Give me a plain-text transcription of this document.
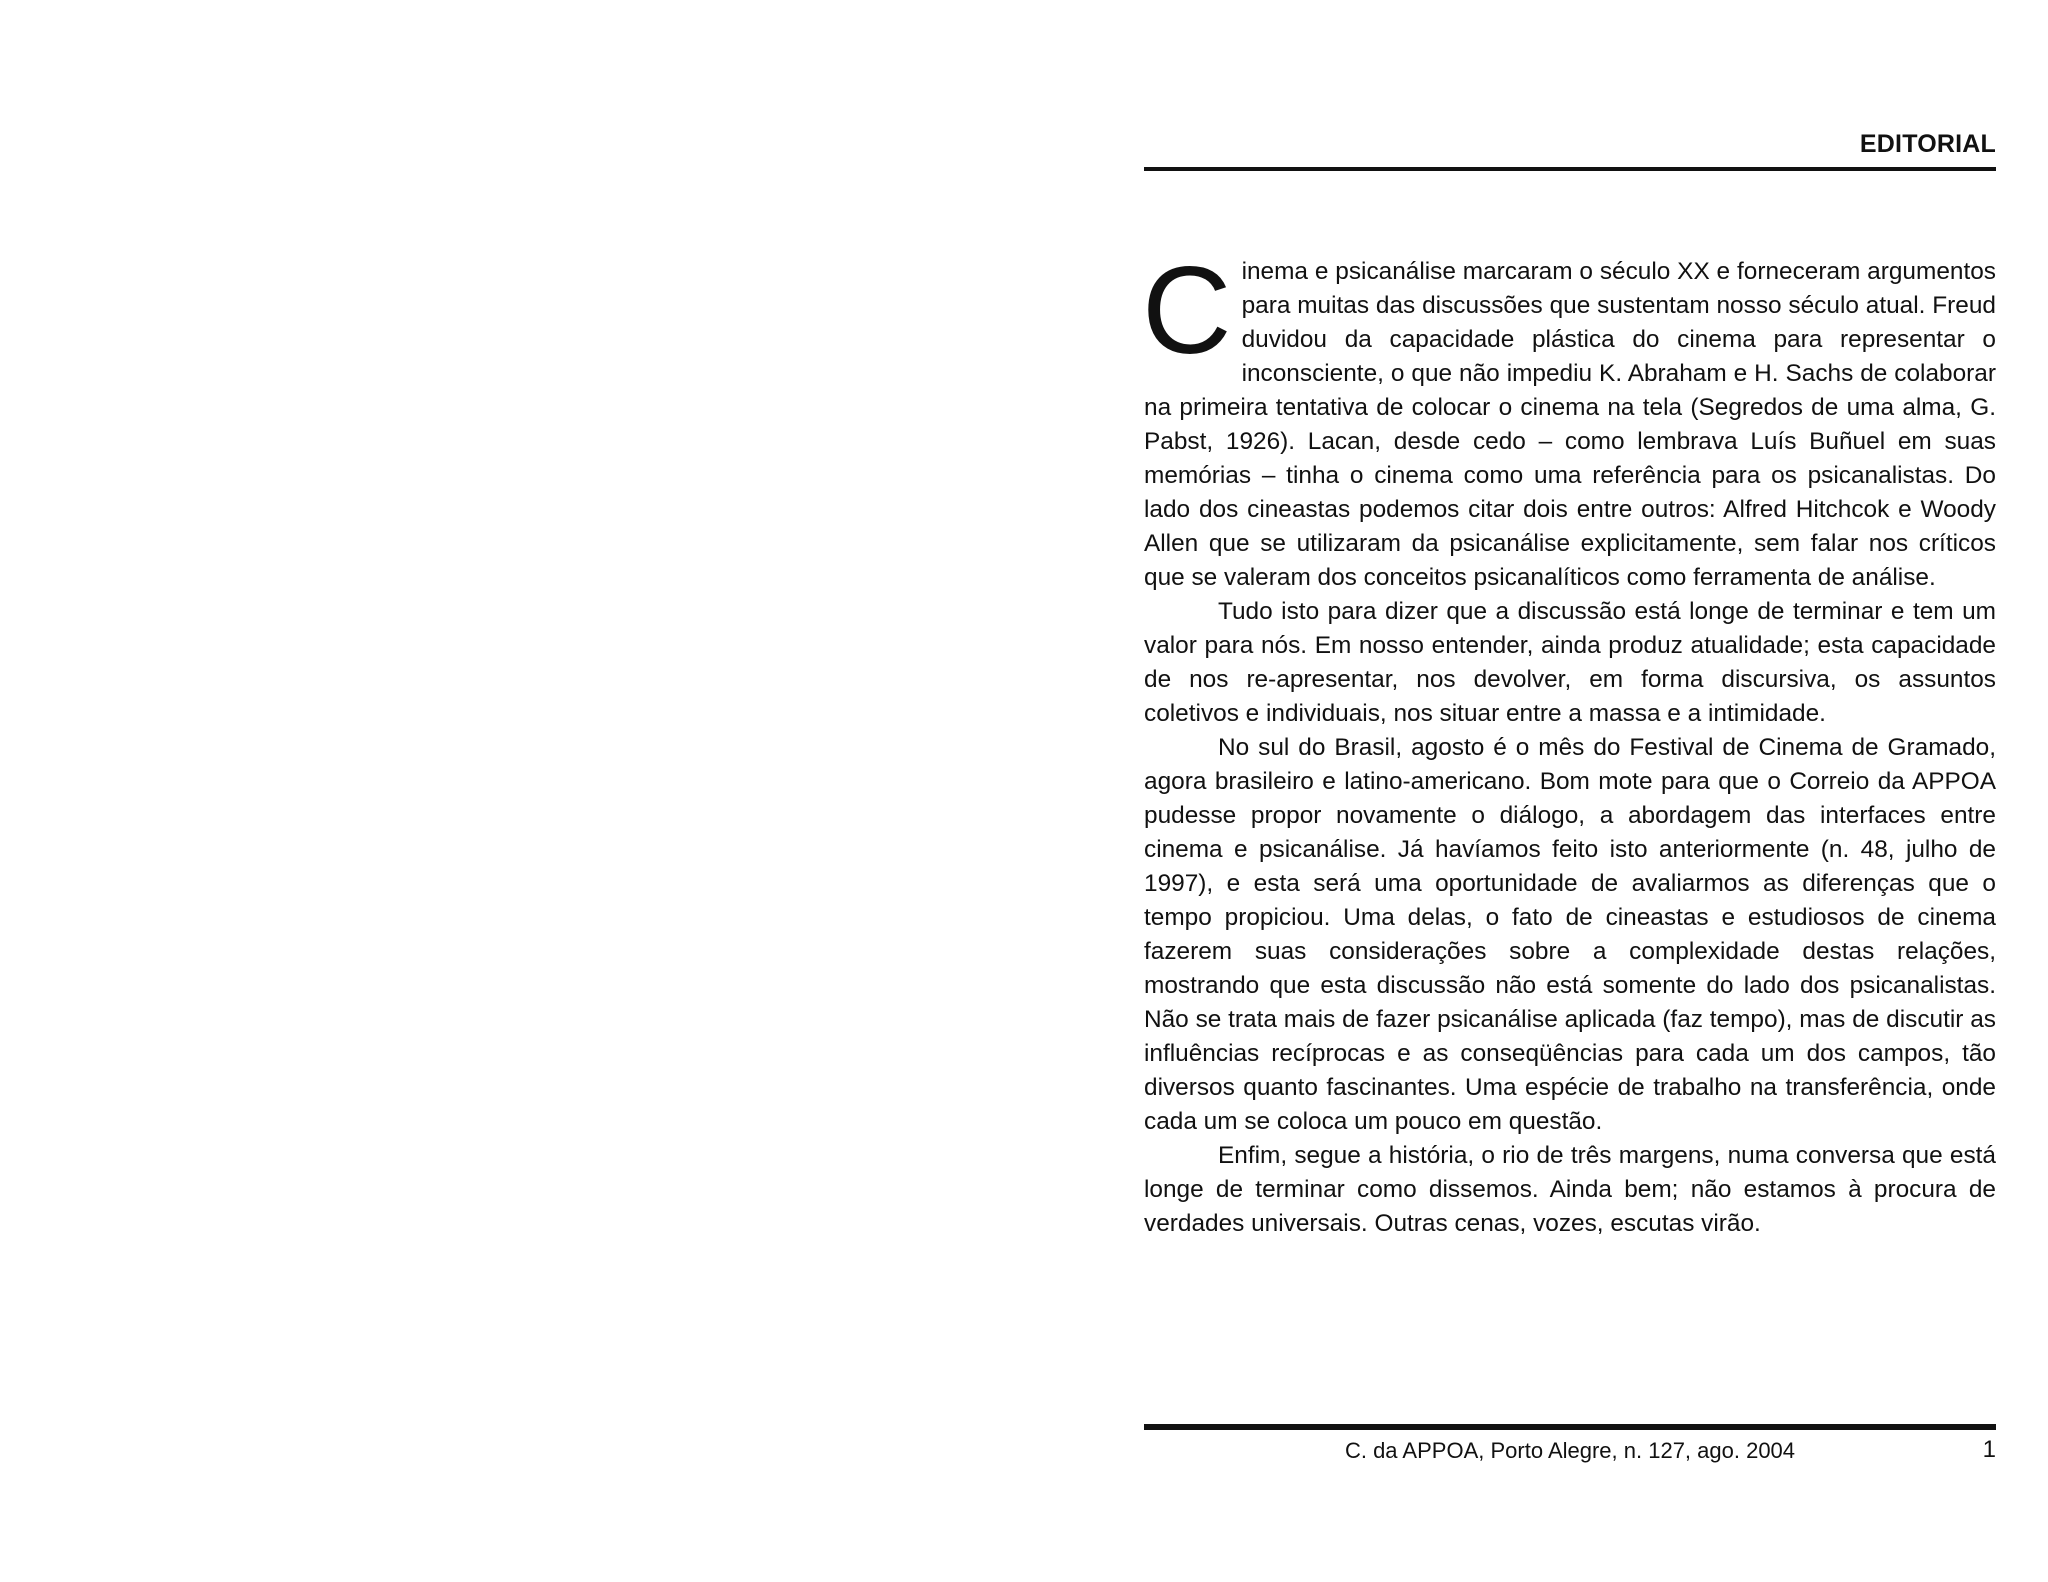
EDITORIAL

Cinema e psicanálise marcaram o século XX e forneceram argumentos para muitas das discussões que sustentam nosso século atual. Freud duvidou da capacidade plástica do cinema para representar o inconsciente, o que não impediu K. Abraham e H. Sachs de colaborar na primeira tentativa de colocar o cinema na tela (Segredos de uma alma, G. Pabst, 1926). Lacan, desde cedo – como lembrava Luís Buñuel em suas memórias – tinha o cinema como uma referência para os psicanalistas. Do lado dos cineastas podemos citar dois entre outros: Alfred Hitchcok e Woody Allen que se utilizaram da psicanálise explicitamente, sem falar nos críticos que se valeram dos conceitos psicanalíticos como ferramenta de análise.

Tudo isto para dizer que a discussão está longe de terminar e tem um valor para nós. Em nosso entender, ainda produz atualidade; esta capacidade de nos re-apresentar, nos devolver, em forma discursiva, os assuntos coletivos e individuais, nos situar entre a massa e a intimidade.

No sul do Brasil, agosto é o mês do Festival de Cinema de Gramado, agora brasileiro e latino-americano. Bom mote para que o Correio da APPOA pudesse propor novamente o diálogo, a abordagem das interfaces entre cinema e psicanálise. Já havíamos feito isto anteriormente (n. 48, julho de 1997), e esta será uma oportunidade de avaliarmos as diferenças que o tempo propiciou. Uma delas, o fato de cineastas e estudiosos de cinema fazerem suas considerações sobre a complexidade destas relações, mostrando que esta discussão não está somente do lado dos psicanalistas. Não se trata mais de fazer psicanálise aplicada (faz tempo), mas de discutir as influências recíprocas e as conseqüências para cada um dos campos, tão diversos quanto fascinantes. Uma espécie de trabalho na transferência, onde cada um se coloca um pouco em questão.

Enfim, segue a história, o rio de três margens, numa conversa que está longe de terminar como dissemos. Ainda bem; não estamos à procura de verdades universais. Outras cenas, vozes, escutas virão.

C. da APPOA, Porto Alegre, n. 127, ago. 2004	1
